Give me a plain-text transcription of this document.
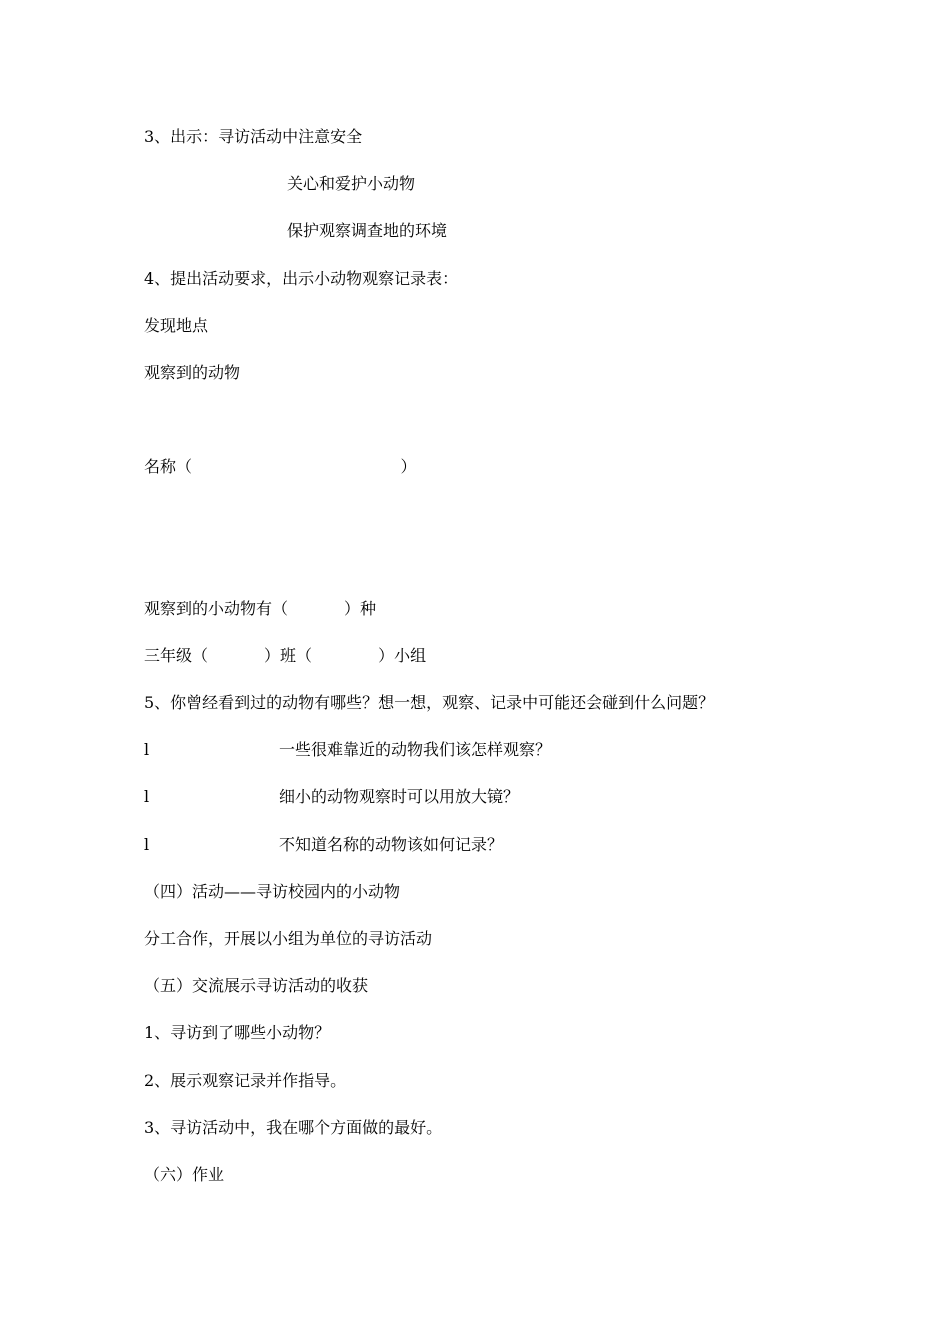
3、出示：寻访活动中注意安全
关心和爱护小动物
保护观察调查地的环境
4、提出活动要求，出示小动物观察记录表：
发现地点
观察到的动物
名称（                                         ）
观察到的小动物有（           ）种
三年级（           ）班（             ）小组
5、你曾经看到过的动物有哪些？想一想，观察、记录中可能还会碰到什么问题？
l	一些很难靠近的动物我们该怎样观察？
l	细小的动物观察时可以用放大镜？
l	不知道名称的动物该如何记录？
（四）活动——寻访校园内的小动物
分工合作，开展以小组为单位的寻访活动
（五）交流展示寻访活动的收获
1、寻访到了哪些小动物？
2、展示观察记录并作指导。
3、寻访活动中，我在哪个方面做的最好。
（六）作业
